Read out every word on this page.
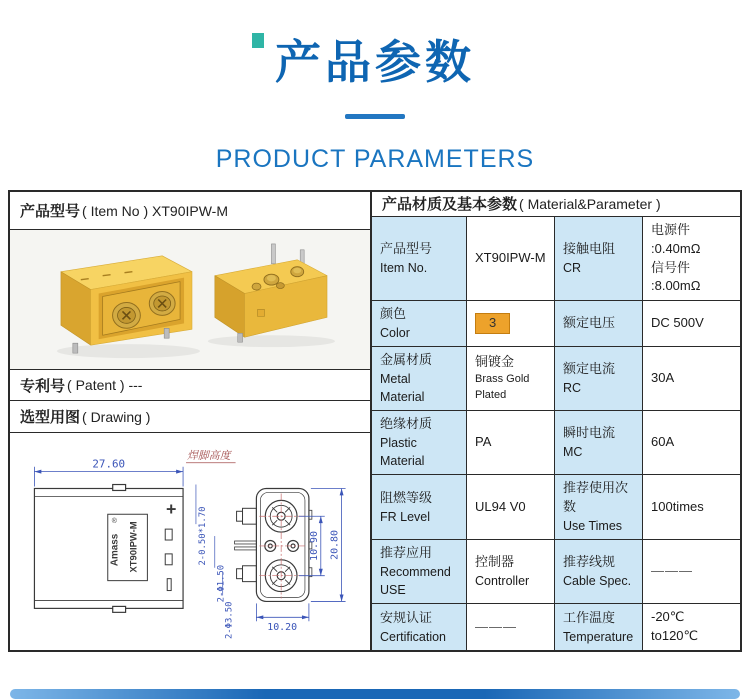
产品参数
PRODUCT PARAMETERS
产品型号 ( Item No ) XT90IPW-M
专利号 ( Patent ) ---
选型用图 ( Drawing )
+
®
Amass XT90IPW-M
27.60
焊脚高度
2-0.50*1.70
2-Φ1.50
2-Φ3.50
10.90 20.80
10.20
产品材质及基本参数 ( Material&Parameter )
产品型号
Item No.
XT90IPW-M
接触电阻
CR
电源件 :0.40mΩ
信号件 :8.00mΩ
颜色
Color
3	额定电压	DC 500V
金属材质
Metal Material
铜镀金
Brass Gold Plated
额定电流
RC
30A
绝缘材质
Plastic Material
PA
瞬时电流
MC
60A
阻燃等级
FR Level
UL94 V0
推荐使用次数
Use Times
100times
推荐应用
Recommend USE
控制器
Controller
推荐线规
Cable Spec.
———
安规认证
Certification
———
工作温度
Temperature
-20℃ to120℃
